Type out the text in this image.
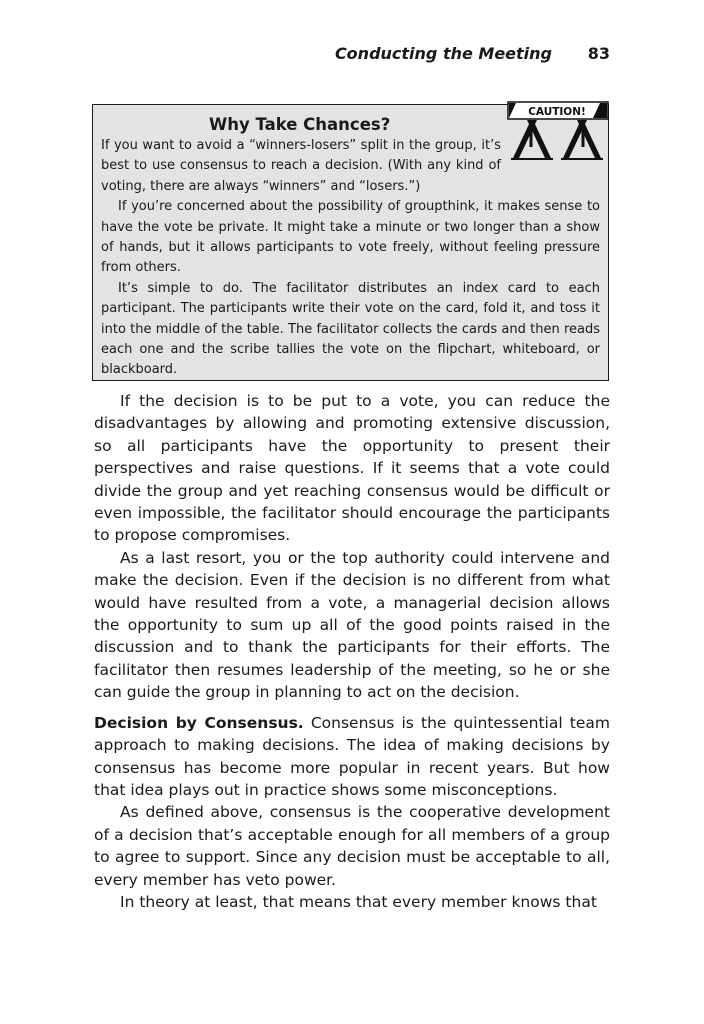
Conducting the Meeting 83
Why Take Chances?

If you want to avoid a “winners-losers” split in the group, it’s best to use consensus to reach a decision. (With any kind of voting, there are always “winners” and “losers.”)

If you’re concerned about the possibility of groupthink, it makes sense to have the vote be private. It might take a minute or two longer than a show of hands, but it allows participants to vote freely, without feeling pressure from others.

It’s simple to do. The facilitator distributes an index card to each participant. The participants write their vote on the card, fold it, and toss it into the middle of the table. The facilitator collects the cards and then reads each one and the scribe tallies the vote on the flipchart, whiteboard, or blackboard.

CAUTION!

If the decision is to be put to a vote, you can reduce the disadvantages by allowing and promoting extensive discussion, so all participants have the opportunity to present their perspectives and raise questions. If it seems that a vote could divide the group and yet reaching consensus would be difficult or even impossible, the facilitator should encourage the participants to propose compromises.

As a last resort, you or the top authority could intervene and make the decision. Even if the decision is no different from what would have resulted from a vote, a managerial decision allows the opportunity to sum up all of the good points raised in the discussion and to thank the participants for their efforts. The facilitator then resumes leadership of the meeting, so he or she can guide the group in planning to act on the decision.

Decision by Consensus. Consensus is the quintessential team approach to making decisions. The idea of making decisions by consensus has become more popular in recent years. But how that idea plays out in practice shows some misconceptions.

As defined above, consensus is the cooperative development of a decision that’s acceptable enough for all members of a group to agree to support. Since any decision must be acceptable to all, every member has veto power.

In theory at least, that means that every member knows that
